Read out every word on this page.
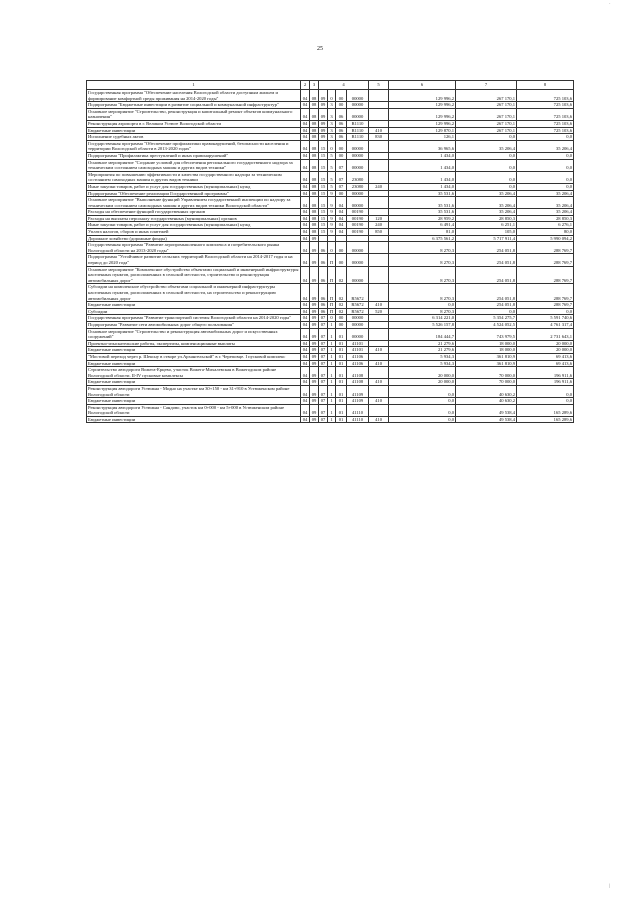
·
25
1	2	3	4				5	6	7	8
Государственная программа "Обеспечение населения Вологодской области доступным жильем и формирование комфортной среды проживания на 2014-2020 годы"	04	08	09	0	00	00000		129 996,2	267 170,1	725 103,6
Подпрограмма "Бюджетные инвестиции в развитие социальной и коммунальной инфраструктур"	04	08	09	3	00	00000		129 996,2	267 170,1	725 103,6
Основное мероприятие "Строительство, реконструкция и капитальный ремонт объектов коммунального назначения"	04	08	09	3	06	00000		129 996,2	267 170,1	725 103,6
Реконструкция аэропорта в г. Великом Устюге Вологодской области	04	08	09	3	06	R1110		129 996,2	267 170,1	725 103,6
Бюджетные инвестиции	04	08	09	3	06	R1110	410	129 870,1	267 170,1	725 103,6
Исполнение судебных актов	04	08	09	3	06	R1110	830	126,1	0,0	0,0
Государственная программа "Обеспечение профилактики правонарушений, безопасности населения и территории Вологодской области в 2013-2020 годах"	04	08	15	0	00	00000		36 965,6	35 206,4	35 206,4
Подпрограмма "Профилактика преступлений и иных правонарушений"	04	08	15	5	00	00000		1 434,0	0,0	0,0
Основное мероприятие "Создание условий для обеспечения регионального государственного надзора за техническим состоянием самоходных машин и других видов техники"	04	08	15	5	07	00000		1 434,0	0,0	0,0
Мероприятия по повышению эффективности и качества государственного надзора за техническим состоянием самоходных машин и других видов техники	04	08	15	5	07	23080		1 434,0	0,0	0,0
Иные закупки товаров, работ и услуг для государственных (муниципальных) нужд	04	08	15	5	07	23080	240	1 434,0	0,0	0,0
Подпрограмма "Обеспечение реализации Государственной программы"	04	08	15	9	00	00000		35 531,6	35 206,4	35 206,4
Основное мероприятие "Выполнение функций Управлением государственной инспекции по надзору за техническим состоянием самоходных машин и других видов техники Вологодской области"	04	08	15	9	04	00000		35 531,6	35 206,4	35 206,4
Расходы на обеспечение функций государственных органов	04	08	15	9	04	00190		35 531,6	35 206,4	35 206,4
Расходы на выплаты персоналу государственных (муниципальных) органов	04	08	15	9	04	00190	120	28 959,2	28 850,3	28 850,3
Иные закупки товаров, работ и услуг для государственных (муниципальных) нужд	04	08	15	9	04	00190	240	6 491,4	6 251,1	6 276,1
Уплата налогов, сборов и иных платежей	04	08	15	9	04	00190	850	81,0	105,0	80,0
Дорожное хозяйство (дорожные фонды)	04	09						6 375 561,2	5 717 911,4	5 990 094,2
Государственная программа "Развитие агропромышленного комплекса и потребительского рынка Вологодской области на 2013-2020 годы"	04	09	06	0	00	00000		8 270,3	254 051,8	288 769,7
Подпрограмма "Устойчивое развитие сельских территорий Вологодской области на 2014-2017 годы и на период до 2020 года"	04	09	06	П	00	00000		8 270,3	254 051,8	288 769,7
Основное мероприятие "Комплексное обустройство объектами социальной и инженерной инфраструктуры населенных пунктов, расположенных в сельской местности, строительство и реконструкция автомобильных дорог"	04	09	06	П	02	00000		8 270,3	254 051,8	288 769,7
Субсидии на комплексное обустройство объектами социальной и инженерной инфраструктуры населенных пунктов, расположенных в сельской местности, на строительство и реконструкцию автомобильных дорог	04	09	06	П	02	R5672		8 270,3	254 051,8	288 769,7
Бюджетные инвестиции	04	09	06	П	02	R5672	410	0,0	254 051,8	288 769,7
Субсидии	04	09	06	П	02	R5672	520	8 270,3	0,0	0,0
Государственная программа "Развитие транспортной системы Вологодской области на 2014-2020 годы"	04	09	07	0	00	00000		6 314 221,0	5 354 275,7	5 591 740,6
Подпрограмма "Развитие сети автомобильных дорог общего пользования"	04	09	07	1	00	00000		5 526 157,8	4 524 052,5	4 761 317,4
Основное мероприятие "Строительство и реконструкция автомобильных дорог и искусственных сооружений"	04	09	07	1	01	00000		184 444,7	743 979,5	2 731 643,1
Проектно-изыскательские работы, экспертизы, компенсационные выплаты	04	09	07	1	01	41101		21 279,6	18 000,0	20 000,0
Бюджетные инвестиции	04	09	07	1	01	41101	410	21 279,6	18 000,0	20 000,0
"Мостовой переход через р. Шексну в створе ул.Архангельской" в г. Череповце. I пусковой комплекс	04	09	07	1	01	41106		5 934,3	361 810,9	69 413,6
Бюджетные инвестиции	04	09	07	1	01	41106	410	5 934,3	361 810,9	69 413,6
Строительство автодороги Вожега-Ерцево, участок Вожега-Михалевская в Вожегодском районе Вологодской области. II-IV пусковые комплексы	04	09	07	1	01	41108		20 000,0	70 000,0	196 911,6
Бюджетные инвестиции	04	09	07	1	01	41108	410	20 000,0	70 000,0	196 911,6
Реконструкция автодороги Устюжна - Модно на участке км 30+150 - км 31+910 в Устюженском районе Вологодской области	04	09	07	1	01	41109		0,0	40 630,2	0,0
Бюджетные инвестиции	04	09	07	1	01	41109	410	0,0	40 630,2	0,0
Реконструкция автодороги Устюжна - Сандово, участок км 0+000 - км 5+000 в Устюженском районе Вологодской области	04	09	07	1	01	41110		0,0	49 538,4	165 289,6
Бюджетные инвестиции	04	09	07	1	01	41110	410	0,0	49 538,4	165 289,6
|
